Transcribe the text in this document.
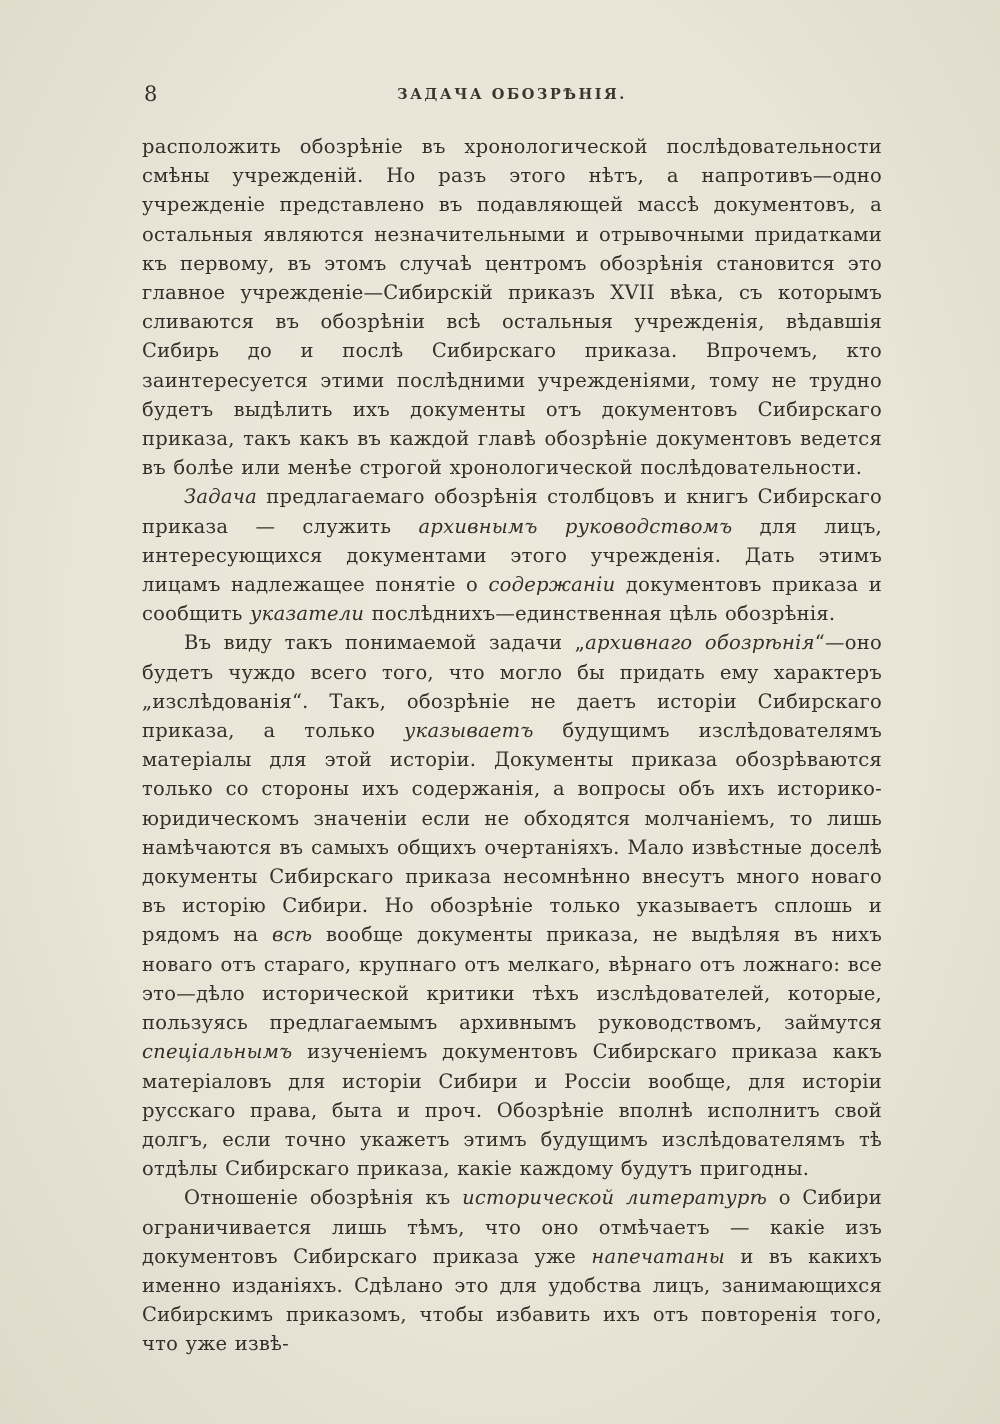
8	ЗАДАЧА ОБОЗРѢНІЯ.

расположить обозрѣніе въ хронологической послѣдовательности смѣны учрежденій. Но разъ этого нѣтъ, а напротивъ—одно учрежденіе представлено въ подавляющей массѣ документовъ, а остальныя являются незначительными и отрывочными придатками къ первому, въ этомъ случаѣ центромъ обозрѣнія становится это главное учрежденіе—Сибирскій приказъ XVII вѣка, съ которымъ сливаются въ обозрѣніи всѣ остальныя учрежденія, вѣдавшія Сибирь до и послѣ Сибирскаго приказа. Впрочемъ, кто заинтересуется этими послѣдними учрежденіями, тому не трудно будетъ выдѣлить ихъ документы отъ документовъ Сибирскаго приказа, такъ какъ въ каждой главѣ обозрѣніе документовъ ведется въ болѣе или менѣе строгой хронологической послѣдовательности.

Задача предлагаемаго обозрѣнія столбцовъ и книгъ Сибирскаго приказа — служить архивнымъ руководствомъ для лицъ, интересующихся документами этого учрежденія. Дать этимъ лицамъ надлежащее понятіе о содержаніи документовъ приказа и сообщить указатели послѣднихъ—единственная цѣль обозрѣнія.

Въ виду такъ понимаемой задачи „архивнаго обозрѣнія“—оно будетъ чуждо всего того, что могло бы придать ему характеръ „изслѣдованія“. Такъ, обозрѣніе не даетъ исторіи Сибирскаго приказа, а только указываетъ будущимъ изслѣдователямъ матеріалы для этой исторіи. Документы приказа обозрѣваются только со стороны ихъ содержанія, а вопросы объ ихъ историко-юридическомъ значеніи если не обходятся молчаніемъ, то лишь намѣчаются въ самыхъ общихъ очертаніяхъ. Мало извѣстные доселѣ документы Сибирскаго приказа несомнѣнно внесутъ много новаго въ исторію Сибири. Но обозрѣніе только указываетъ сплошь и рядомъ на всѣ вообще документы приказа, не выдѣляя въ нихъ новаго отъ стараго, крупнаго отъ мелкаго, вѣрнаго отъ ложнаго: все это—дѣло исторической критики тѣхъ изслѣдователей, которые, пользуясь предлагаемымъ архивнымъ руководствомъ, займутся спеціальнымъ изученіемъ документовъ Сибирскаго приказа какъ матеріаловъ для исторіи Сибири и Россіи вообще, для исторіи русскаго права, быта и проч. Обозрѣніе вполнѣ исполнитъ свой долгъ, если точно укажетъ этимъ будущимъ изслѣдователямъ тѣ отдѣлы Сибирскаго приказа, какіе каждому будутъ пригодны.

Отношеніе обозрѣнія къ исторической литературѣ о Сибири ограничивается лишь тѣмъ, что оно отмѣчаетъ — какіе изъ документовъ Сибирскаго приказа уже напечатаны и въ какихъ именно изданіяхъ. Сдѣлано это для удобства лицъ, занимающихся Сибирскимъ приказомъ, чтобы избавить ихъ отъ повторенія того, что уже извѣ-
